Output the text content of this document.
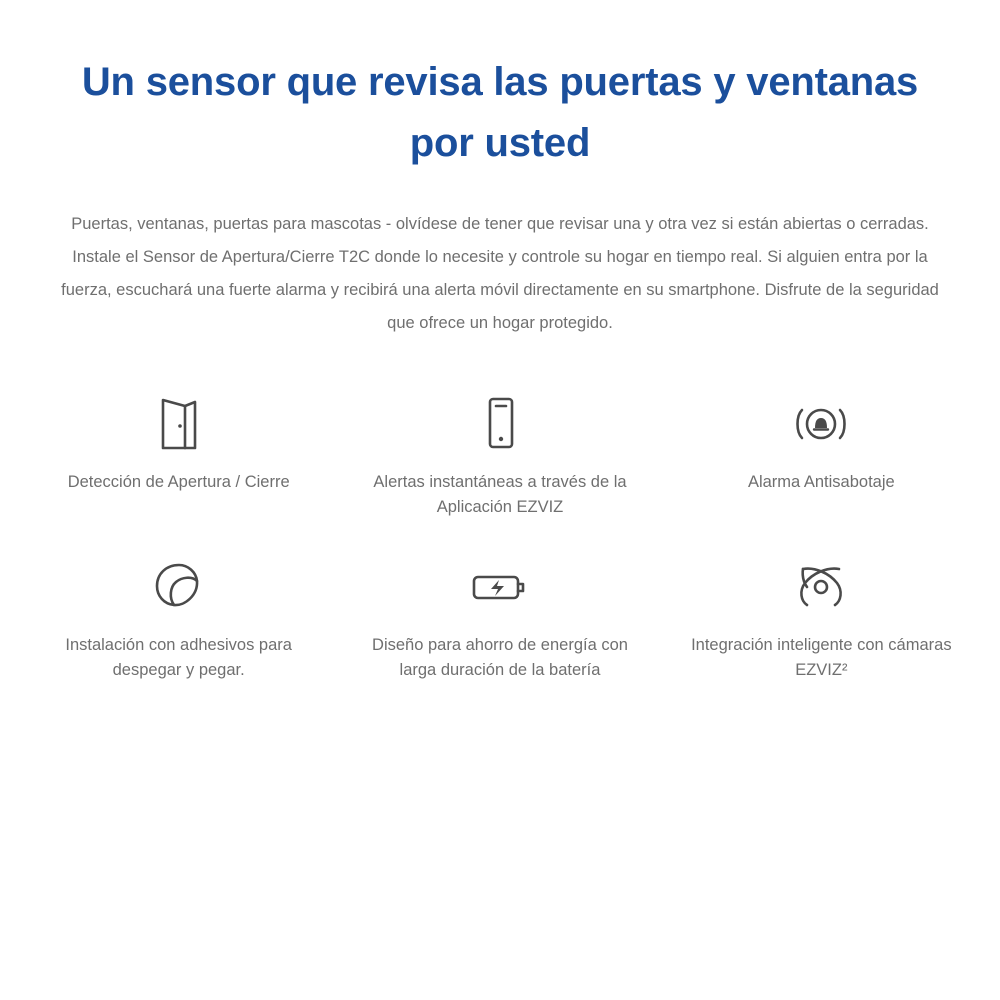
Un sensor que revisa las puertas y ventanas por usted

Puertas, ventanas, puertas para mascotas - olvídese de tener que revisar una y otra vez si están abiertas o cerradas. Instale el Sensor de Apertura/Cierre T2C donde lo necesite y controle su hogar en tiempo real. Si alguien entra por la fuerza, escuchará una fuerte alarma y recibirá una alerta móvil directamente en su smartphone. Disfrute de la seguridad que ofrece un hogar protegido.

Detección de Apertura / Cierre	Alertas instantáneas a través de la Aplicación EZVIZ
Alarma Antisabotaje
Instalación con adhesivos para despegar y pegar.
Diseño para ahorro de energía con larga duración de la batería
Integración inteligente con cámaras EZVIZ²
